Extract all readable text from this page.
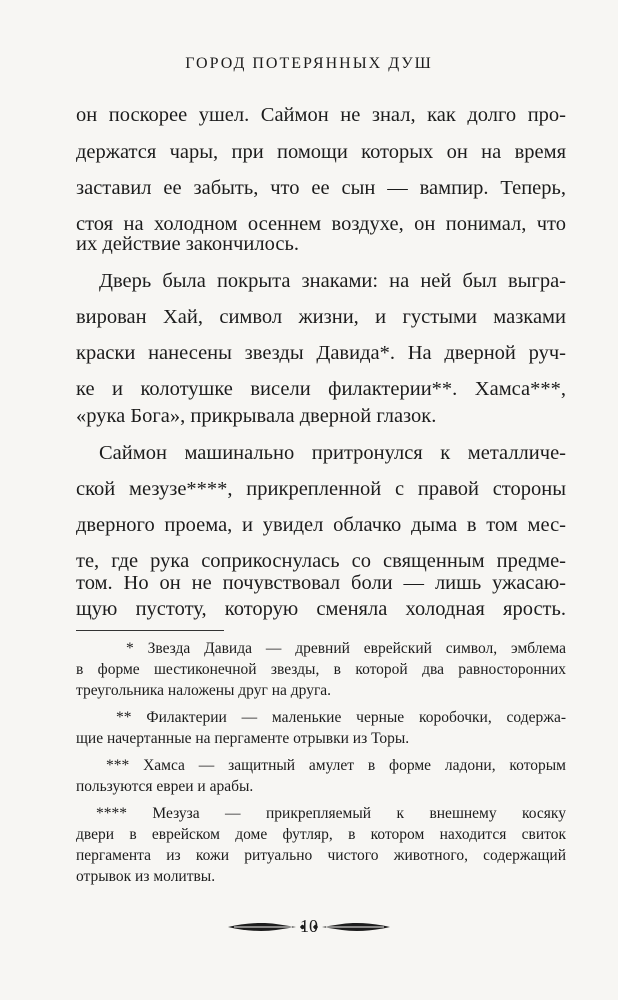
ГОРОД ПОТЕРЯННЫХ ДУШ
он поскорее ушел. Саймон не знал, как долго про-
держатся чары, при помощи которых он на время
заставил ее забыть, что ее сын — вампир. Теперь,
стоя на холодном осеннем воздухе, он понимал, что
их действие закончилось.
Дверь была покрыта знаками: на ней был выгра-
вирован Хай, символ жизни, и густыми мазками
краски нанесены звезды Давида*. На дверной руч-
ке и колотушке висели филактерии**. Хамса***,
«рука Бога», прикрывала дверной глазок.
Саймон машинально притронулся к металличе-
ской мезузе****, прикрепленной с правой стороны
дверного проема, и увидел облачко дыма в том мес-
те, где рука соприкоснулась со священным предме-
том. Но он не почувствовал боли — лишь ужасаю-
щую пустоту, которую сменяла холодная ярость.
* Звезда Давида — древний еврейский символ, эмблема
в форме шестиконечной звезды, в которой два равносторонних
треугольника наложены друг на друга.
** Филактерии — маленькие черные коробочки, содержа-
щие начертанные на пергаменте отрывки из Торы.
*** Хамса — защитный амулет в форме ладони, которым
пользуются евреи и арабы.
**** Мезуза — прикрепляемый к внешнему косяку
двери в еврейском доме футляр, в котором находится свиток
пергамента из кожи ритуально чистого животного, содержащий
отрывок из молитвы.
10
